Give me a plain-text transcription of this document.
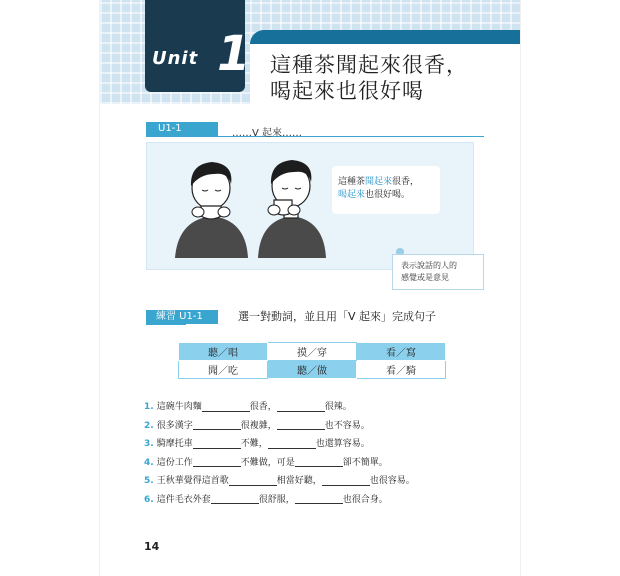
Unit 1 這種茶聞起來很香，
喝起來也很好喝
U1-1	……V 起來……
這種茶聞起來很香，
喝起來也很好喝。
表示說話的人的
感覺或是意見
練習 U1-1	選一對動詞，並且用「V 起來」完成句子
聽／唱	摸／穿	看／寫
聞／吃	聽／做	看／騎
1. 這碗牛肉麵	很香，	很辣。
2. 很多漢字	很複雜，	也不容易。
3. 騎摩托車	不難，	也還算容易。
4. 這份工作	不難做，可是	卻不簡單。
5. 王秋華覺得這首歌	相當好聽，	也很容易。
6. 這件毛衣外套	很舒服，	也很合身。
14
